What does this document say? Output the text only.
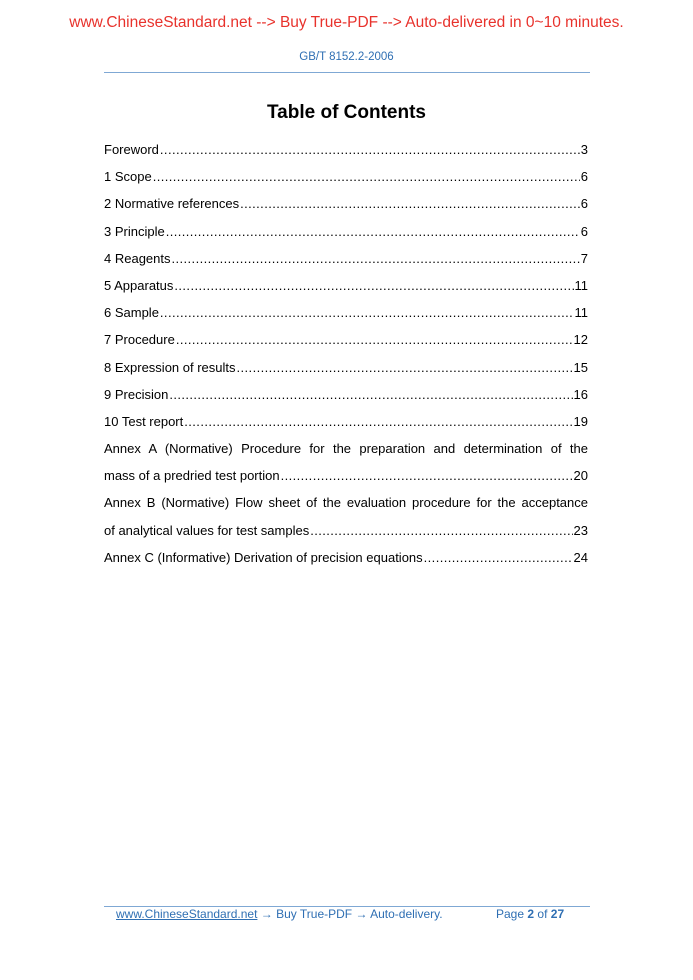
www.ChineseStandard.net --> Buy True-PDF --> Auto-delivered in 0~10 minutes.
GB/T 8152.2-2006
Table of Contents
Foreword .....	3
1 Scope .....	6
2 Normative references .....	6
3 Principle .....	6
4 Reagents .....	7
5 Apparatus .....	11
6 Sample .....	11
7 Procedure .....	12
8 Expression of results .....	15
9 Precision .....	16
10 Test report .....	19
Annex A (Normative) Procedure for the preparation and determination of the
mass of a predried test portion .....	20
Annex B (Normative) Flow sheet of the evaluation procedure for the acceptance
of analytical values for test samples .....	23
Annex C (Informative) Derivation of precision equations .....	24
www.ChineseStandard.net → Buy True-PDF → Auto-delivery.	Page 2 of 27
